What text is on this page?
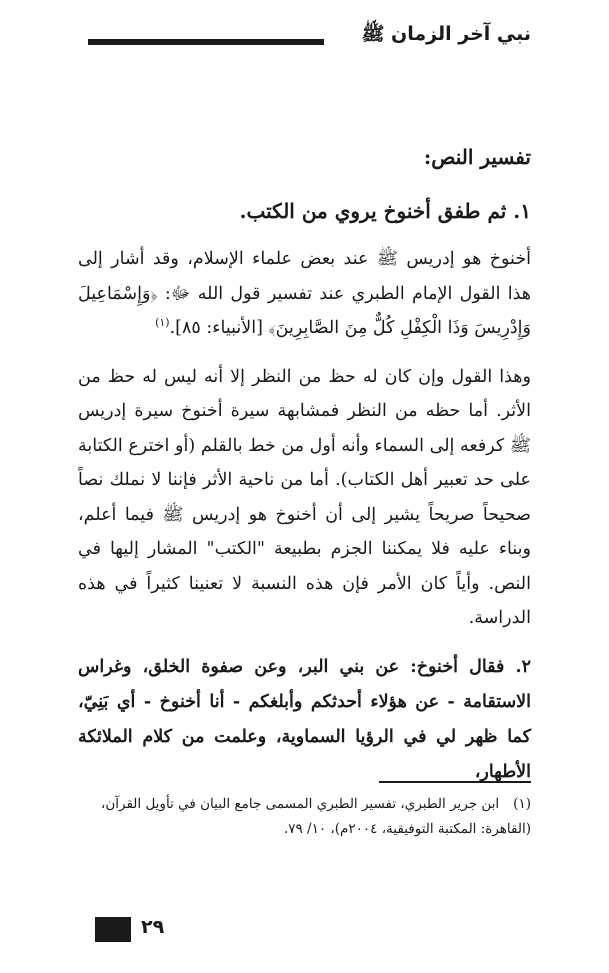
نبي آخر الزمان ﷺ
تفسير النص:
١. ثم طفق أخنوخ يروي من الكتب.

أخنوخ هو إدريس ﷺ عند بعض علماء الإسلام، وقد أشار إلى هذا القول الإمام الطبري عند تفسير قول الله ﷻ: ﴿وَإِسْمَاعِيلَ وَإِدْرِيسَ وَذَا الْكِفْلِ كُلٌّ مِنَ الصَّابِرِينَ﴾ [الأنبياء: ٨٥].$^{(١)}$

وهذا القول وإن كان له حظ من النظر إلا أنه ليس له حظ من الأثر. أما حظه من النظر فمشابهة سيرة أخنوخ سيرة إدريس ﷺ كرفعه إلى السماء وأنه أول من خط بالقلم (أو اخترع الكتابة على حد تعبير أهل الكتاب). أما من ناحية الأثر فإننا لا نملك نصاً صحيحاً صريحاً يشير إلى أن أخنوخ هو إدريس ﷺ فيما أعلم، وبناء عليه فلا يمكننا الجزم بطبيعة "الكتب" المشار إليها في النص. وأياً كان الأمر فإن هذه النسبة لا تعنينا كثيراً في هذه الدراسة.

٢. فقال أخنوخ: عن بني البر، وعن صفوة الخلق، وغراس الاستقامة - عن هؤلاء أحدثكم وأبلغكم - أنا أخنوخ - أي بَنِيّ، كما ظهر لي في الرؤيا السماوية، وعلمت من كلام الملائكة الأطهار،

(١)ابن جرير الطبري، تفسير الطبري المسمى جامع البيان في تأويل القرآن، (القاهرة: المكتبة التوفيقية، ٢٠٠٤م)، ١٠/ ٧٩.
٢٩
